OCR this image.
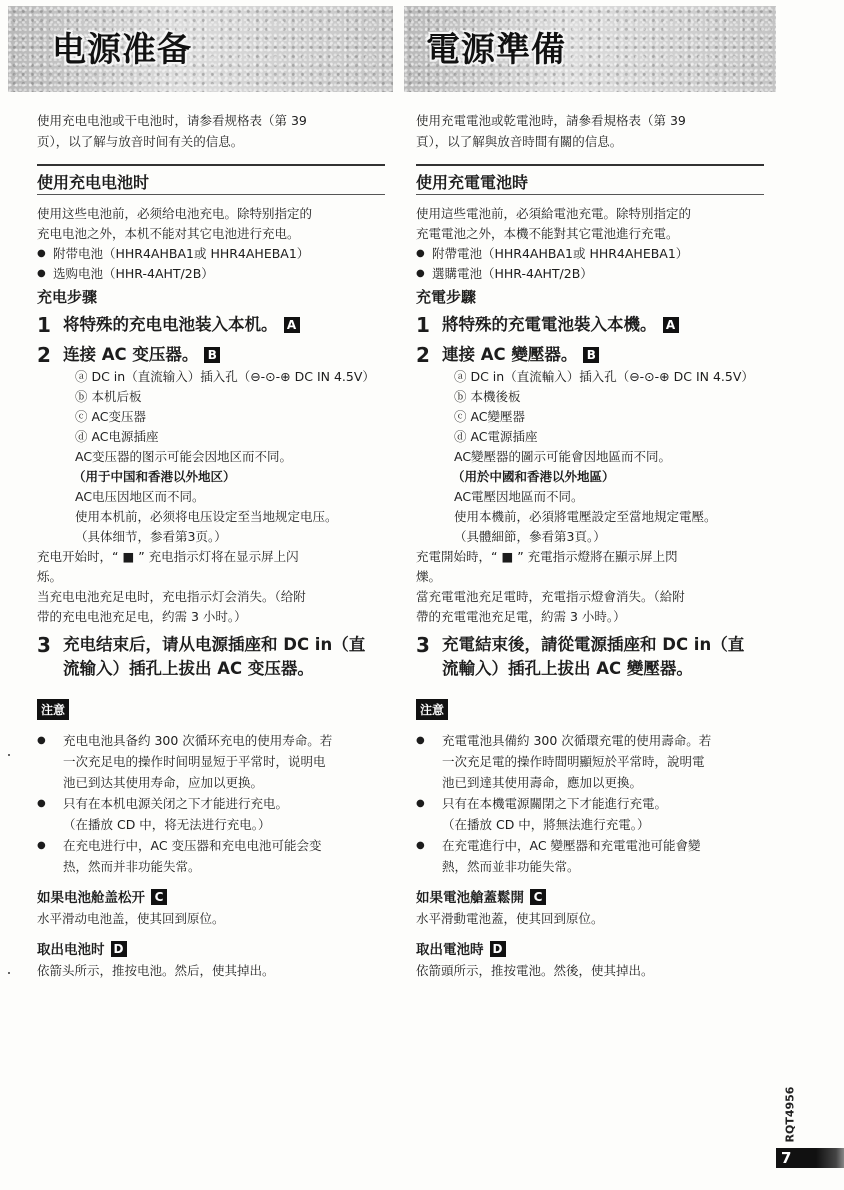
电源准备	電源準備
使用充电电池或干电池时，请参看规格表（第 39
页），以了解与放音时间有关的信息。
使用充电电池时

使用这些电池前，必须给电池充电。除特别指定的

充电电池之外，本机不能对其它电池进行充电。

● 附带电池（HHR4AHBA1或 HHR4AHEBA1）
● 选购电池（HHR-4AHT/2B）
充电步骤
1 将特殊的充电电池装入本机。 A
2 连接 AC 变压器。 B
ⓐ DC in（直流输入）插入孔（⊖-⊙-⊕ DC IN 4.5V）
ⓑ 本机后板
ⓒ AC变压器
ⓓ AC电源插座
AC变压器的图示可能会因地区而不同。
（用于中国和香港以外地区）
AC电压因地区而不同。
使用本机前，必须将电压设定至当地规定电压。
（具体细节，参看第3页。）

充电开始时，“ ■ ” 充电指示灯将在显示屏上闪

烁。

当充电电池充足电时，充电指示灯会消失。（给附

带的充电电池充足电，约需 3 小时。）

3 充电结束后，请从电源插座和 DC in（直
流输入）插孔上拔出 AC 变压器。
注意
● 充电电池具备约 300 次循环充电的使用寿命。若
一次充足电的操作时间明显短于平常时，说明电
池已到达其使用寿命，应加以更换。
● 只有在本机电源关闭之下才能进行充电。
（在播放 CD 中，将无法进行充电。）
● 在充电进行中，AC 变压器和充电电池可能会变
热，然而并非功能失常。
如果电池舱盖松开 C

水平滑动电池盖，使其回到原位。

取出电池时 D

依箭头所示，推按电池。然后，使其掉出。

使用充電電池或乾電池時，請參看規格表（第 39
頁），以了解與放音時間有關的信息。
使用充電電池時

使用這些電池前，必須給電池充電。除特別指定的

充電電池之外，本機不能對其它電池進行充電。

● 附帶電池（HHR4AHBA1或 HHR4AHEBA1）
● 選購電池（HHR-4AHT/2B）
充電步驟
1 將特殊的充電電池裝入本機。 A
2 連接 AC 變壓器。 B
ⓐ DC in（直流輸入）插入孔（⊖-⊙-⊕ DC IN 4.5V）
ⓑ 本機後板
ⓒ AC變壓器
ⓓ AC電源插座
AC變壓器的圖示可能會因地區而不同。
（用於中國和香港以外地區）
AC電壓因地區而不同。
使用本機前，必須將電壓設定至當地規定電壓。
（具體細節，參看第3頁。）

充電開始時，“ ■ ” 充電指示燈將在顯示屏上閃

爍。

當充電電池充足電時，充電指示燈會消失。（給附

帶的充電電池充足電，約需 3 小時。）

3 充電結束後，請從電源插座和 DC in（直
流輸入）插孔上拔出 AC 變壓器。
注意
● 充電電池具備約 300 次循環充電的使用壽命。若
一次充足電的操作時間明顯短於平常時，說明電
池已到達其使用壽命，應加以更換。
● 只有在本機電源關閉之下才能進行充電。
（在播放 CD 中，將無法進行充電。）
● 在充電進行中，AC 變壓器和充電電池可能會變
熱，然而並非功能失常。
如果電池艙蓋鬆開 C

水平滑動電池蓋，使其回到原位。

取出電池時 D

依箭頭所示，推按電池。然後，使其掉出。

RQT4956
7
